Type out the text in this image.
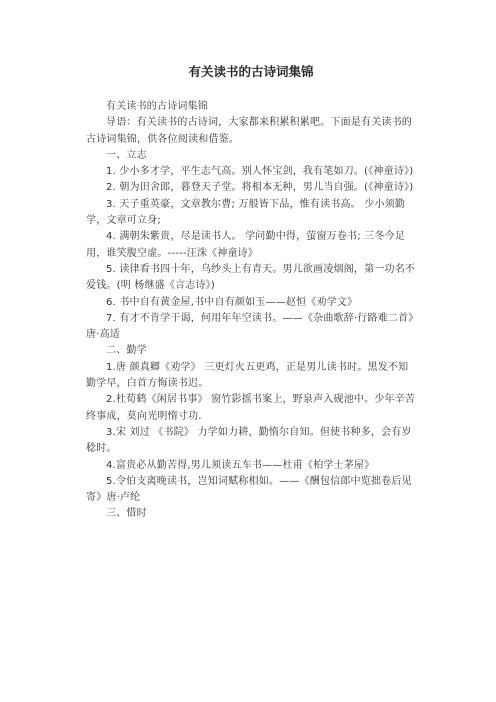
有关读书的古诗词集锦

有关读书的古诗词集锦

导语：有关读书的古诗词，大家都来积累积累吧。下面是有关读书的古诗词集锦，供各位阅读和借鉴。

一、立志

1. 少小多才学，平生志气高。别人怀宝剑，我有笔如刀。(《神童诗》)

2. 朝为田舍郎，暮登天子堂。将相本无种，男儿当自强。(《神童诗》)

3. 天子重英豪，文章教尔曹; 万般皆下品，惟有读书高。 少小须勤学，文章可立身;

4. 满朝朱紫贵，尽是读书人。 学问勤中得，萤窗万卷书; 三冬今足用，谁笑腹空虚。-----汪洙《神童诗》

5. 读律看书四十年，乌纱头上有青天。男儿欲画凌烟阁，第一功名不爱钱。(明 杨继盛《言志诗》)

6. 书中自有黄金屋,书中自有颜如玉——赵恒《劝学文》

7. 有才不肯学干谒，何用年年空读书。——《杂曲歌辞·行路难二首》唐·高适

二、勤学

1.唐 颜真卿《劝学》 三更灯火五更鸡，正是男儿读书时。黑发不知勤学早，白首方悔读书迟。

2.杜荀鹤《闲居书事》 窗竹影摇书案上，野泉声入砚池中。少年辛苦终事成，莫向光明惰寸功.

3.宋 刘过 《书院》 力学如力耕，勤惰尔自知。但使书种多，会有岁稔时。

4.富贵必从勤苦得,男儿须读五车书——杜甫《柏学士茅屋》

5.令伯支离晚读书，岂知词赋称相如。——《酬包信郎中览拙卷后见寄》唐·卢纶

三、惜时
